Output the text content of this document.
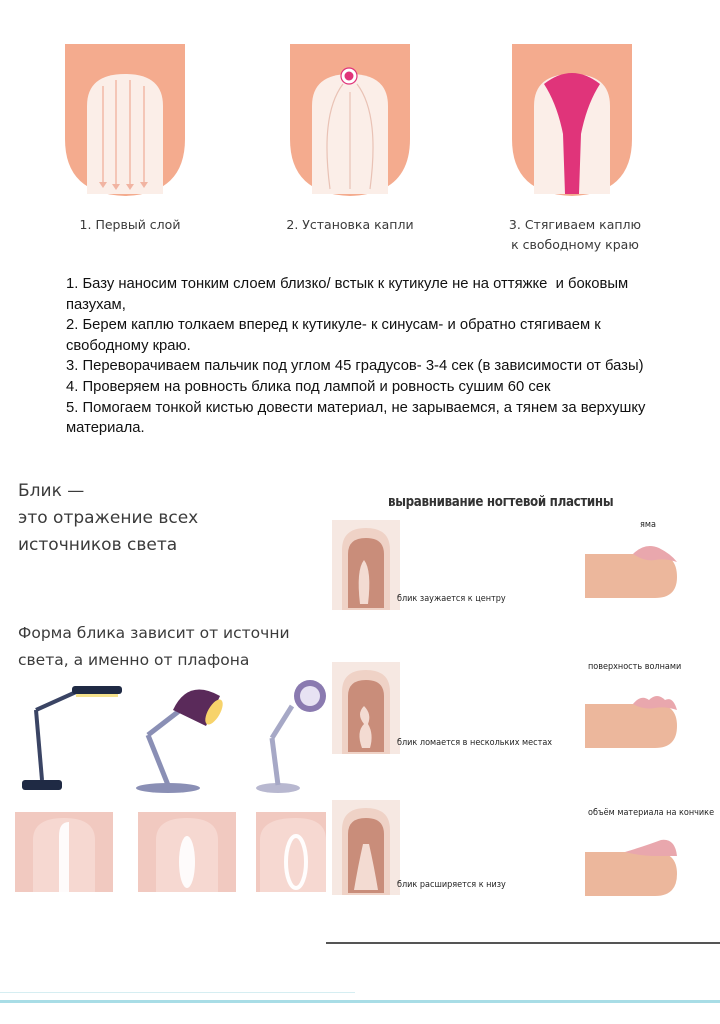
1. Первый слой	2. Установка капли	3. Стягиваем каплю
к свободному краю

1. Базу наносим тонким слоем близко/ встык к кутикуле не на оттяжке  и боковым пазухам,

2. Берем каплю толкаем вперед к кутикуле- к синусам- и обратно стягиваем к свободному краю.

3. Переворачиваем пальчик под углом 45 градусов- 3-4 сек (в зависимости от базы)

4. Проверяем на ровность блика под лампой и ровность сушим 60 сек

5. Помогаем тонкой кистью довести материал, не зарываемся, а тянем за верхушку материала.

Блик —
это отражение всех
источников света
Форма блика зависит от источни
света, а именно от плафона
выравнивание ногтевой пластины
блик заужается к центру
яма
блик ломается в нескольких местах
поверхность волнами
блик расширяется к низу
объём материала на кончике
